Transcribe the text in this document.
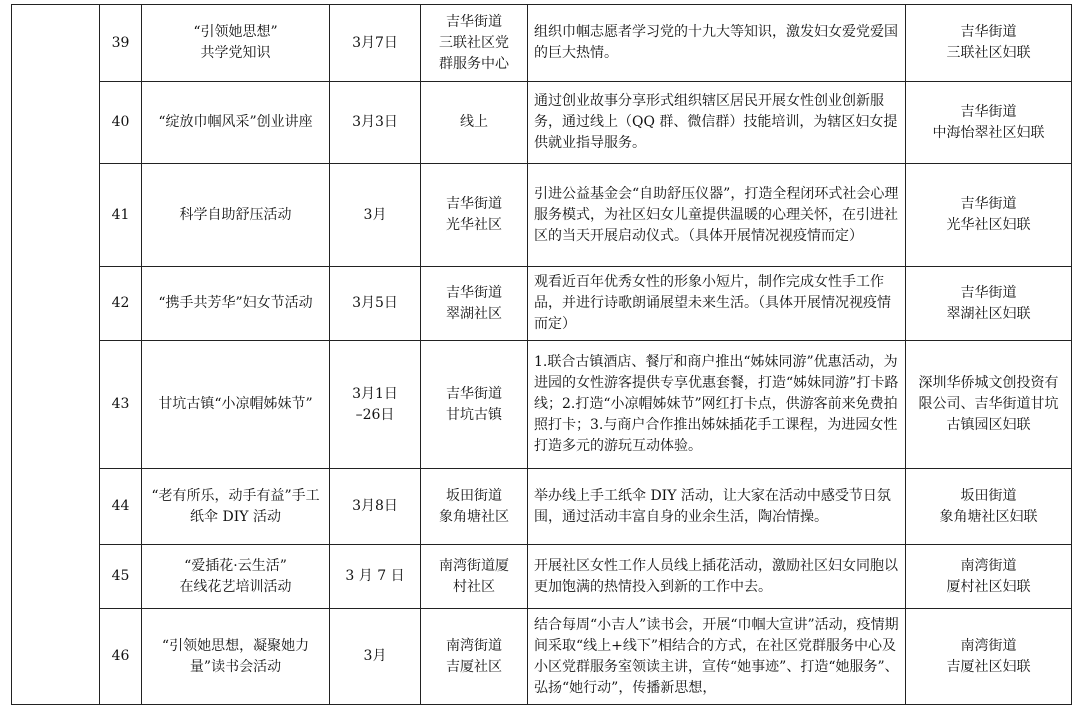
	39	“引领她思想”
共学党知识	3月7日	吉华街道
三联社区党
群服务中心	组织巾帼志愿者学习党的十九大等知识，激发妇女爱党爱国的巨大热情。	吉华街道
三联社区妇联

	40	“绽放巾帼风采”创业讲座	3月3日	线上	通过创业故事分享形式组织辖区居民开展女性创业创新服务，通过线上（QQ 群、微信群）技能培训，为辖区妇女提供就业指导服务。	吉华街道
中海怡翠社区妇联

	41	科学自助舒压活动	3月	吉华街道
光华社区	引进公益基金会“自助舒压仪器”，打造全程闭环式社会心理服务模式，为社区妇女儿童提供温暖的心理关怀，在引进社区的当天开展启动仪式。（具体开展情况视疫情而定）	吉华街道
光华社区妇联

	42	“携手共芳华”妇女节活动	3月5日	吉华街道
翠湖社区	观看近百年优秀女性的形象小短片，制作完成女性手工作品，并进行诗歌朗诵展望未来生活。（具体开展情况视疫情而定）	吉华街道
翠湖社区妇联

	43	甘坑古镇“小凉帽姊妹节”	3月1日
–26日	吉华街道
甘坑古镇	1.联合古镇酒店、餐厅和商户推出“姊妹同游”优惠活动，为进园的女性游客提供专享优惠套餐，打造“姊妹同游”打卡路线；2.打造“小凉帽姊妹节”网红打卡点，供游客前来免费拍照打卡；3.与商户合作推出姊妹插花手工课程，为进园女性打造多元的游玩互动体验。	深圳华侨城文创投资有限公司、吉华街道甘坑古镇园区妇联

	44	“老有所乐，动手有益”手工纸伞 DIY 活动	3月8日	坂田街道
象角塘社区	举办线上手工纸伞 DIY 活动，让大家在活动中感受节日氛围，通过活动丰富自身的业余生活，陶冶情操。	坂田街道
象角塘社区妇联

	45	“爱插花·云生活”
在线花艺培训活动	3 月 7 日	南湾街道厦
村社区	开展社区女性工作人员线上插花活动，激励社区妇女同胞以更加饱满的热情投入到新的工作中去。	南湾街道
厦村社区妇联

	46	“引领她思想，凝聚她力量”读书会活动	3月	南湾街道
吉厦社区	结合每周“小吉人”读书会，开展“巾帼大宣讲”活动，疫情期间采取“线上+线下”相结合的方式，在社区党群服务中心及小区党群服务室领读主讲，宣传“她事迹”、打造“她服务”、弘扬“她行动”，传播新思想，	南湾街道
吉厦社区妇联
